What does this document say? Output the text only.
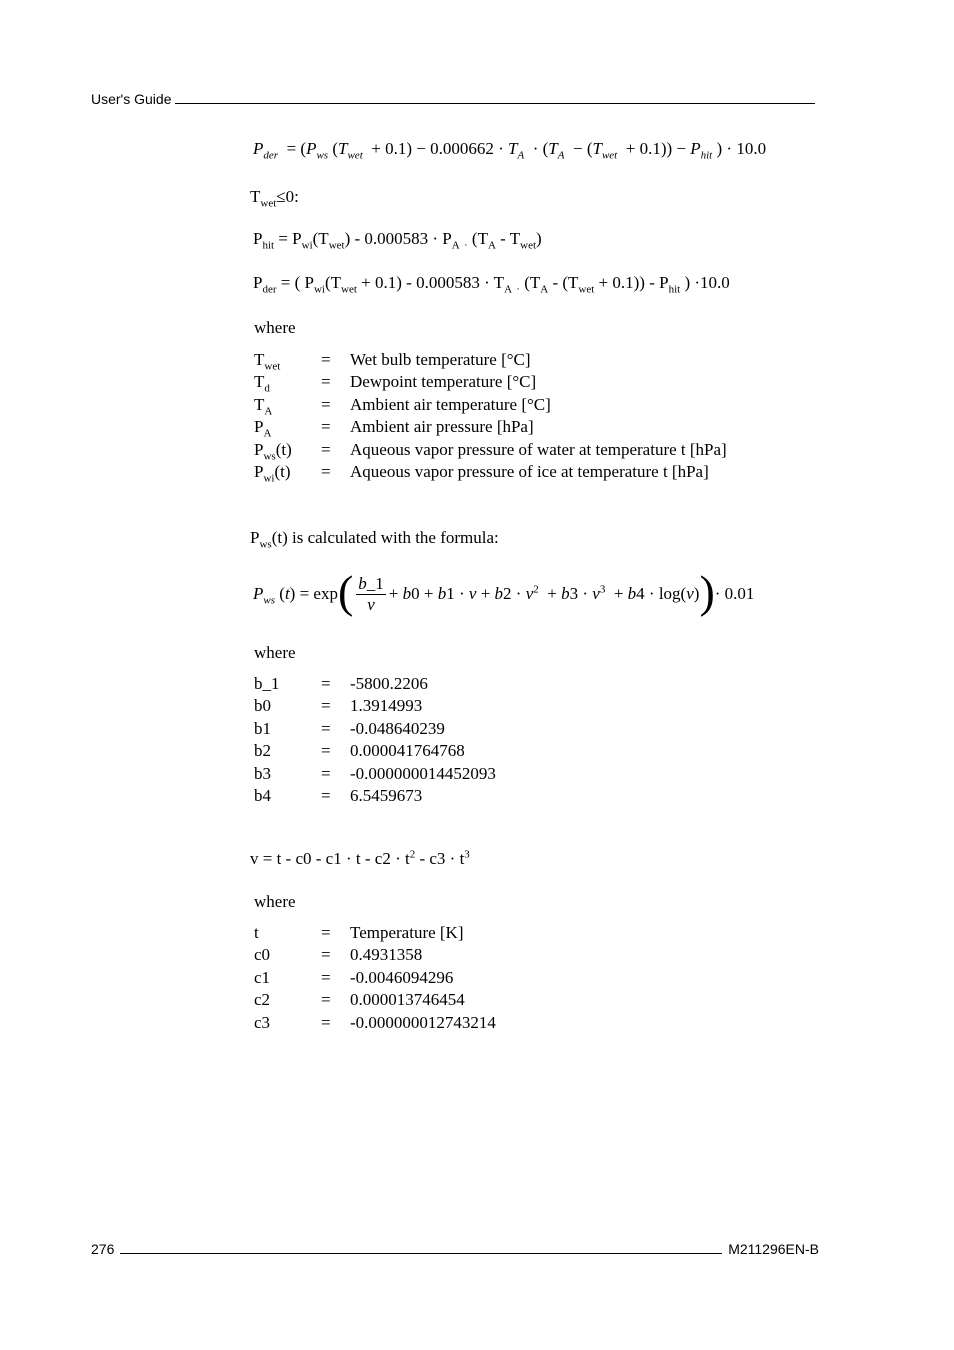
User's Guide
$P_{der} = (P_{ws}$ $(T_{wet} + 0.1) - 0.000662 \cdot T_A \cdot (T_A - (T_{wet} + 0.1)) - P_{hit}$ ) · 10.0
$T_{wet}\le 0$:
$P_{hit} = P_{wi}(T_{wet}) - 0.000583 \cdot P_A$ $_\cdot$ $(T_A - T_{wet})$
$P_{der}$ = ( $P_{wi}(T_{wet} + 0.1) - 0.000583 \cdot T_A$ $_\cdot$ $(T_A - (T_{wet} + 0.1)) - P_{hit}$ ) ·10.0
where
$T_{wet}$ = Wet bulb temperature [°C]
$T_d$	= Dewpoint temperature [°C]
$T_A$	= Ambient air temperature [°C]
$P_A$	= Ambient air pressure [hPa]
$P_{ws}(t)$ = Aqueous vapor pressure of water at temperature t [hPa]
$P_{wi}(t)$ = Aqueous vapor pressure of ice at temperature t [hPa]
$P_{ws}(t)$ is calculated with the formula:
$P_{ws}$ (t) = exp ( $\frac{b\_1}{v} + b0 + b1 \cdot v + b2 \cdot v^2 + b3 \cdot v^3 + b4 \cdot \log(v)$ ) · 0.01
where
b_1 = -5800.2206
b0	= 1.3914993
b1	= -0.048640239
b2	= 0.000041764768
b3	= -0.000000014452093
b4	= 6.5459673
$v = t - c0 - c1 \cdot t - c2 \cdot t^2 - c3 \cdot t^3$
where
t	= Temperature [K]
c0	= 0.4931358
c1	= -0.0046094296
c2	= 0.000013746454
c3	= -0.000000012743214
276	M211296EN-B
